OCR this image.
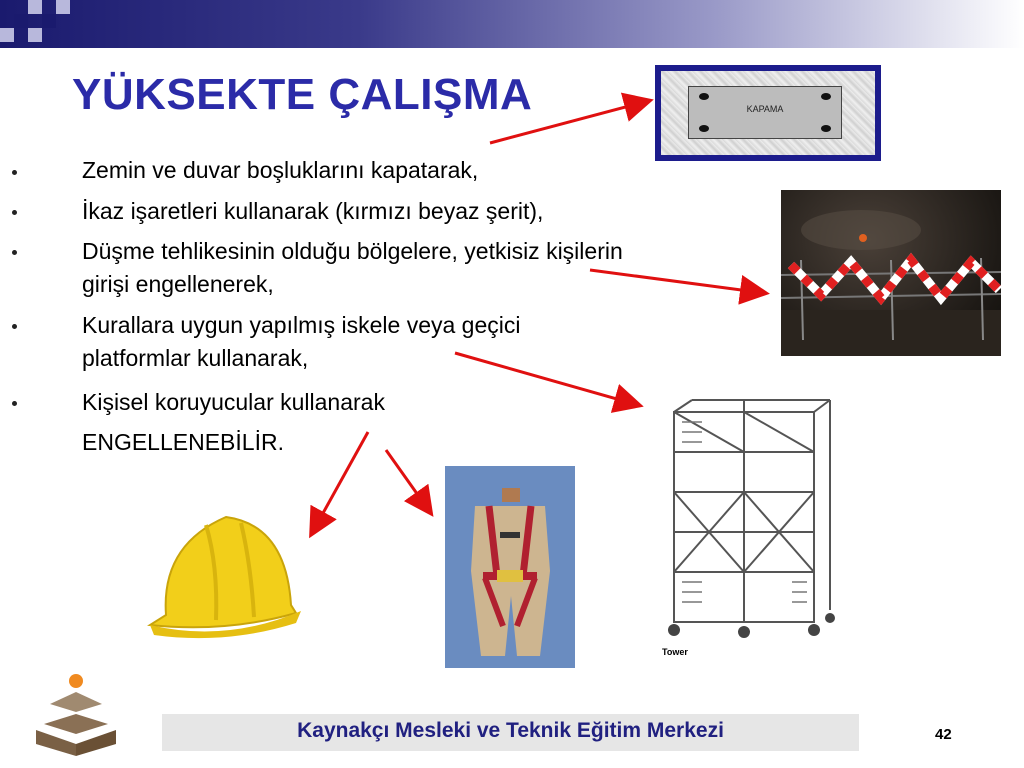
YÜKSEKTE ÇALIŞMA
Zemin ve duvar boşluklarını kapatarak,
İkaz işaretleri kullanarak (kırmızı beyaz şerit),
Düşme tehlikesinin olduğu bölgelere, yetkisiz kişilerin
girişi engellenerek,
Kurallara uygun yapılmış iskele veya geçici
platformlar kullanarak,
Kişisel koruyucular kullanarak
ENGELLENEBİLİR.
KAPAMA
Tower
Kaynakçı Mesleki ve Teknik Eğitim Merkezi	42
